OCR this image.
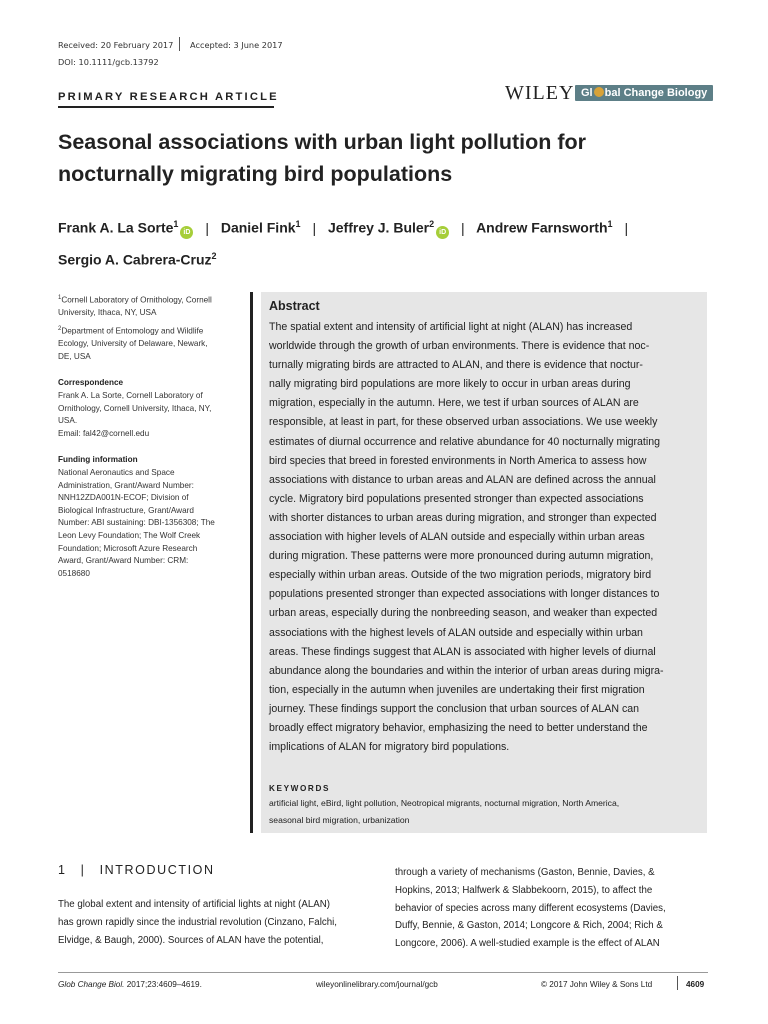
Received: 20 February 2017 Accepted: 3 June 2017
DOI: 10.1111/gcb.13792
PRIMARY RESEARCH ARTICLE	WILEY Gl bal Change Biology
Seasonal associations with urban light pollution for
nocturnally migrating bird populations
Frank A. La Sorte$^1$iD | Daniel Fink$^1$ | Jeffrey J. Buler$^2$iD | Andrew Farnsworth$^1$ |
Sergio A. Cabrera-Cruz$^2$
$^1$Cornell Laboratory of Ornithology, Cornell
University, Ithaca, NY, USA
$^2$Department of Entomology and Wildlife
Ecology, University of Delaware, Newark,
DE, USA
Correspondence
Frank A. La Sorte, Cornell Laboratory of
Ornithology, Cornell University, Ithaca, NY,
USA.
Email: fal42@cornell.edu
Funding information
National Aeronautics and Space
Administration, Grant/Award Number:
NNH12ZDA001N-ECOF; Division of
Biological Infrastructure, Grant/Award
Number: ABI sustaining: DBI-1356308; The
Leon Levy Foundation; The Wolf Creek
Foundation; Microsoft Azure Research
Award, Grant/Award Number: CRM:
0518680
Abstract
The spatial extent and intensity of artificial light at night (ALAN) has increased
worldwide through the growth of urban environments. There is evidence that noc-
turnally migrating birds are attracted to ALAN, and there is evidence that noctur-
nally migrating bird populations are more likely to occur in urban areas during
migration, especially in the autumn. Here, we test if urban sources of ALAN are
responsible, at least in part, for these observed urban associations. We use weekly
estimates of diurnal occurrence and relative abundance for 40 nocturnally migrating
bird species that breed in forested environments in North America to assess how
associations with distance to urban areas and ALAN are defined across the annual
cycle. Migratory bird populations presented stronger than expected associations
with shorter distances to urban areas during migration, and stronger than expected
association with higher levels of ALAN outside and especially within urban areas
during migration. These patterns were more pronounced during autumn migration,
especially within urban areas. Outside of the two migration periods, migratory bird
populations presented stronger than expected associations with longer distances to
urban areas, especially during the nonbreeding season, and weaker than expected
associations with the highest levels of ALAN outside and especially within urban
areas. These findings suggest that ALAN is associated with higher levels of diurnal
abundance along the boundaries and within the interior of urban areas during migra-
tion, especially in the autumn when juveniles are undertaking their first migration
journey. These findings support the conclusion that urban sources of ALAN can
broadly effect migratory behavior, emphasizing the need to better understand the
implications of ALAN for migratory bird populations.
KEYWORDS
artificial light, eBird, light pollution, Neotropical migrants, nocturnal migration, North America,
seasonal bird migration, urbanization
1 | INTRODUCTION
The global extent and intensity of artificial lights at night (ALAN)
has grown rapidly since the industrial revolution (Cinzano, Falchi,
Elvidge, & Baugh, 2000). Sources of ALAN have the potential,
through a variety of mechanisms (Gaston, Bennie, Davies, &
Hopkins, 2013; Halfwerk & Slabbekoorn, 2015), to affect the
behavior of species across many different ecosystems (Davies,
Duffy, Bennie, & Gaston, 2014; Longcore & Rich, 2004; Rich &
Longcore, 2006). A well-studied example is the effect of ALAN
Glob Change Biol. 2017;23:4609–4619.	wileyonlinelibrary.com/journal/gcb	© 2017 John Wiley & Sons Ltd	4609
